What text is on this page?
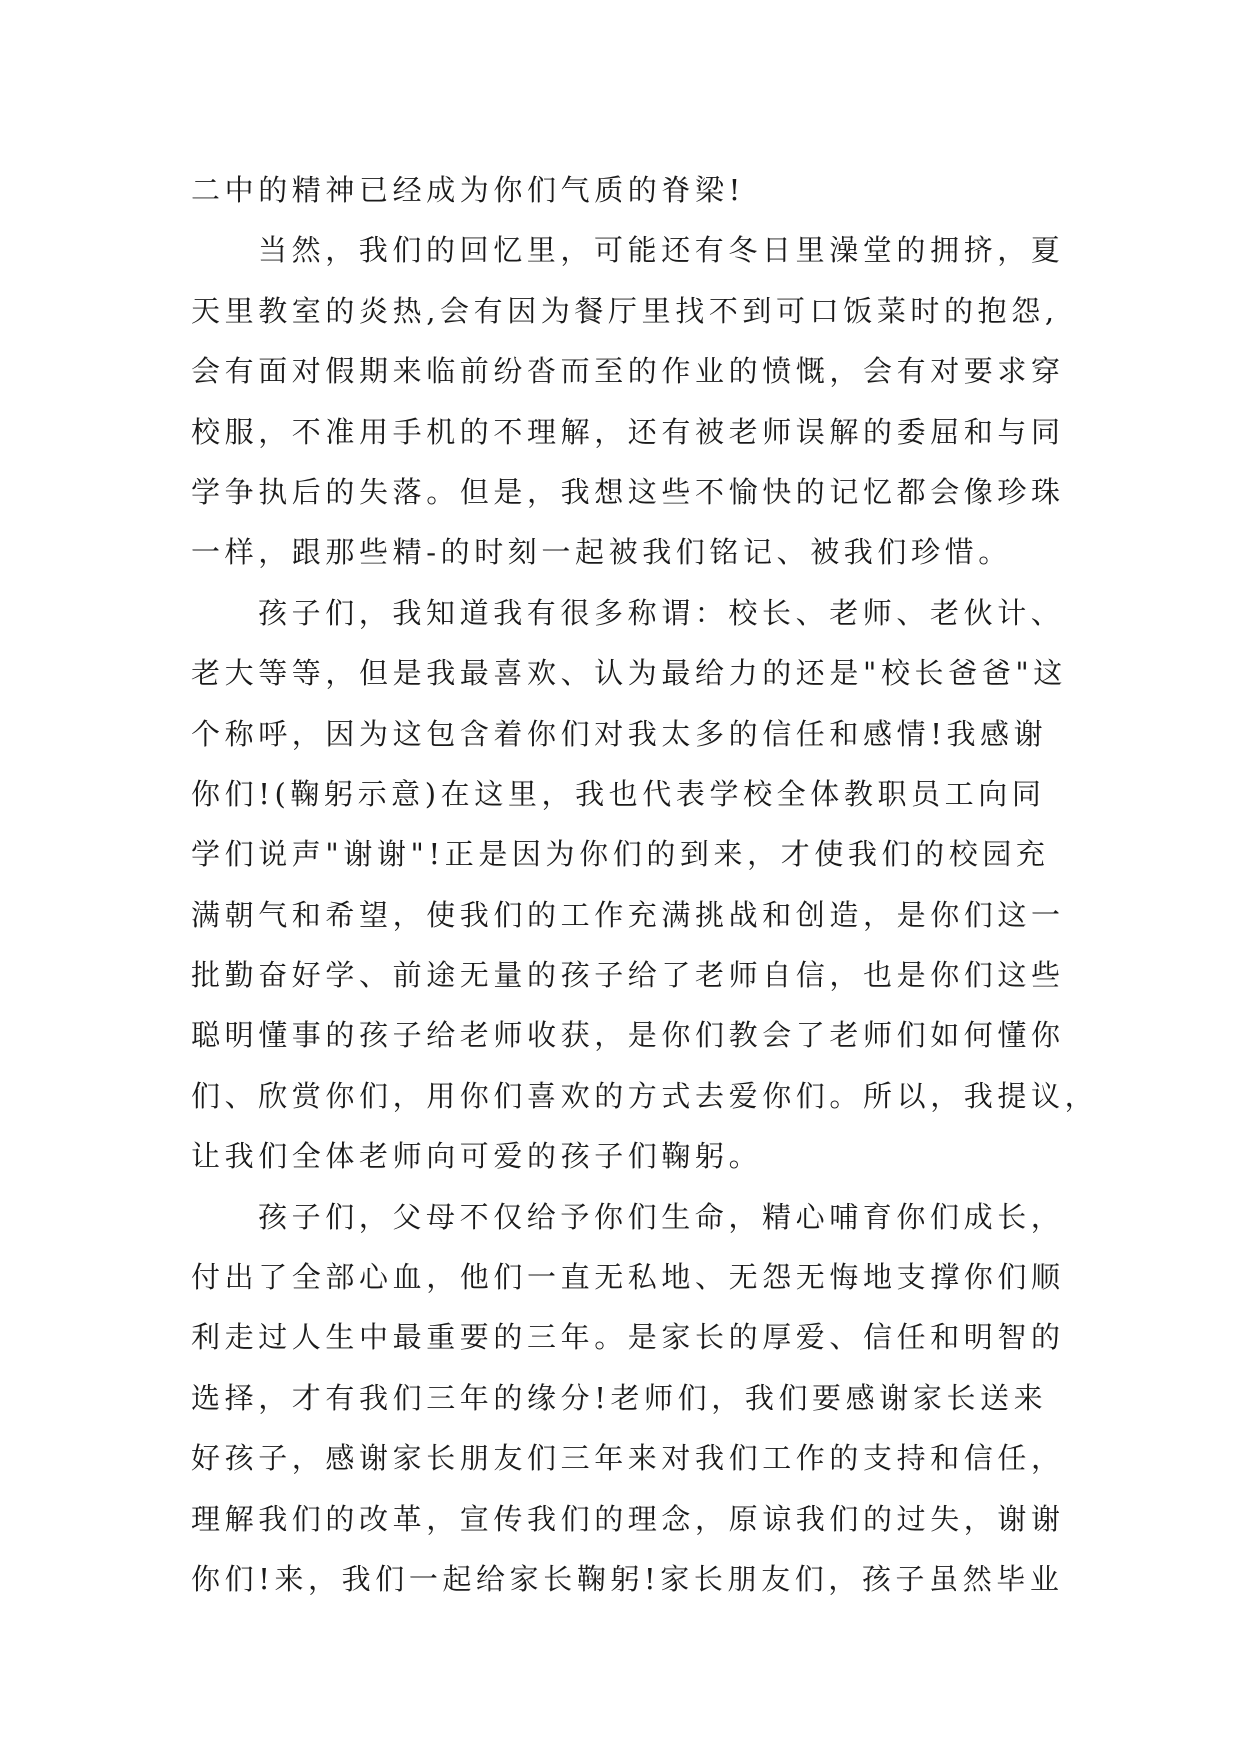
二中的精神已经成为你们气质的脊梁!
当然，我们的回忆里，可能还有冬日里澡堂的拥挤，夏
天里教室的炎热,会有因为餐厅里找不到可口饭菜时的抱怨,
会有面对假期来临前纷沓而至的作业的愤慨，会有对要求穿
校服，不准用手机的不理解，还有被老师误解的委屈和与同
学争执后的失落。但是，我想这些不愉快的记忆都会像珍珠
一样，跟那些精-的时刻一起被我们铭记、被我们珍惜。
孩子们，我知道我有很多称谓：校长、老师、老伙计、
老大等等，但是我最喜欢、认为最给力的还是"校长爸爸"这
个称呼，因为这包含着你们对我太多的信任和感情!我感谢
你们!(鞠躬示意)在这里，我也代表学校全体教职员工向同
学们说声"谢谢"!正是因为你们的到来，才使我们的校园充
满朝气和希望，使我们的工作充满挑战和创造，是你们这一
批勤奋好学、前途无量的孩子给了老师自信，也是你们这些
聪明懂事的孩子给老师收获，是你们教会了老师们如何懂你
们、欣赏你们，用你们喜欢的方式去爱你们。所以，我提议，
让我们全体老师向可爱的孩子们鞠躬。
孩子们，父母不仅给予你们生命，精心哺育你们成长，
付出了全部心血，他们一直无私地、无怨无悔地支撑你们顺
利走过人生中最重要的三年。是家长的厚爱、信任和明智的
选择，才有我们三年的缘分!老师们，我们要感谢家长送来
好孩子，感谢家长朋友们三年来对我们工作的支持和信任，
理解我们的改革，宣传我们的理念，原谅我们的过失，谢谢
你们!来，我们一起给家长鞠躬!家长朋友们，孩子虽然毕业
